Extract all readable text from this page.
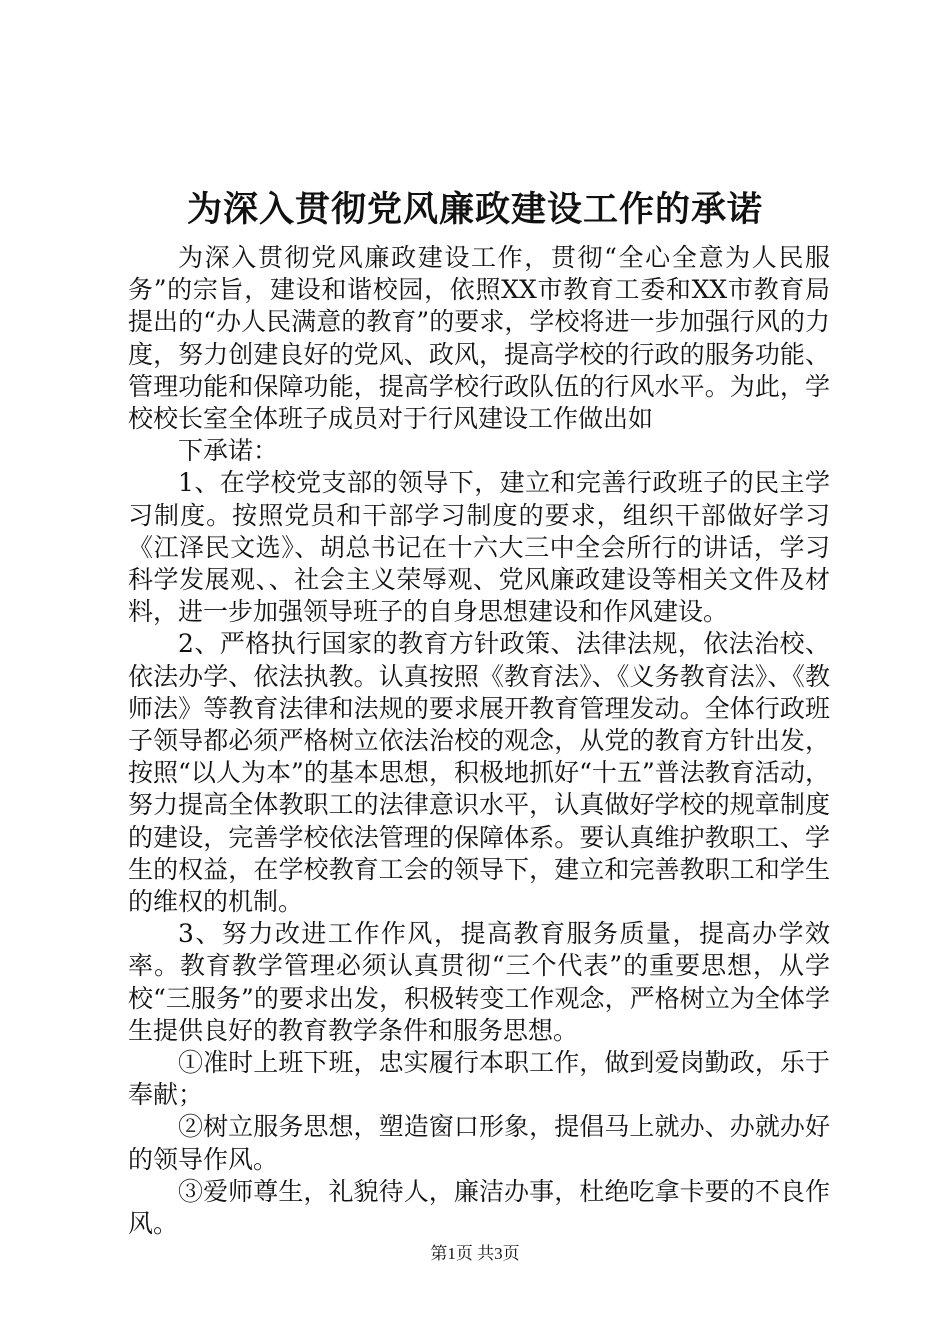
为深入贯彻党风廉政建设工作的承诺

为深入贯彻党风廉政建设工作，贯彻“全心全意为人民服务”的宗旨，建设和谐校园，依照XX市教育工委和XX市教育局提出的“办人民满意的教育”的要求，学校将进一步加强行风的力度，努力创建良好的党风、政风，提高学校的行政的服务功能、管理功能和保障功能，提高学校行政队伍的行风水平。为此，学校校长室全体班子成员对于行风建设工作做出如

下承诺：

1、在学校党支部的领导下，建立和完善行政班子的民主学习制度。按照党员和干部学习制度的要求，组织干部做好学习《江泽民文选》、胡总书记在十六大三中全会所行的讲话，学习科学发展观、、社会主义荣辱观、党风廉政建设等相关文件及材料，进一步加强领导班子的自身思想建设和作风建设。

2、严格执行国家的教育方针政策、法律法规，依法治校、依法办学、依法执教。认真按照《教育法》、《义务教育法》、《教师法》等教育法律和法规的要求展开教育管理发动。全体行政班子领导都必须严格树立依法治校的观念，从党的教育方针出发，按照“以人为本”的基本思想，积极地抓好“十五”普法教育活动，努力提高全体教职工的法律意识水平，认真做好学校的规章制度的建设，完善学校依法管理的保障体系。要认真维护教职工、学生的权益，在学校教育工会的领导下，建立和完善教职工和学生的维权的机制。

3、努力改进工作作风，提高教育服务质量，提高办学效率。教育教学管理必须认真贯彻“三个代表”的重要思想，从学校“三服务”的要求出发，积极转变工作观念，严格树立为全体学生提供良好的教育教学条件和服务思想。

①准时上班下班，忠实履行本职工作，做到爱岗勤政，乐于奉献；

②树立服务思想，塑造窗口形象，提倡马上就办、办就办好的领导作风。

③爱师尊生，礼貌待人，廉洁办事，杜绝吃拿卡要的不良作风。

第1页 共3页
